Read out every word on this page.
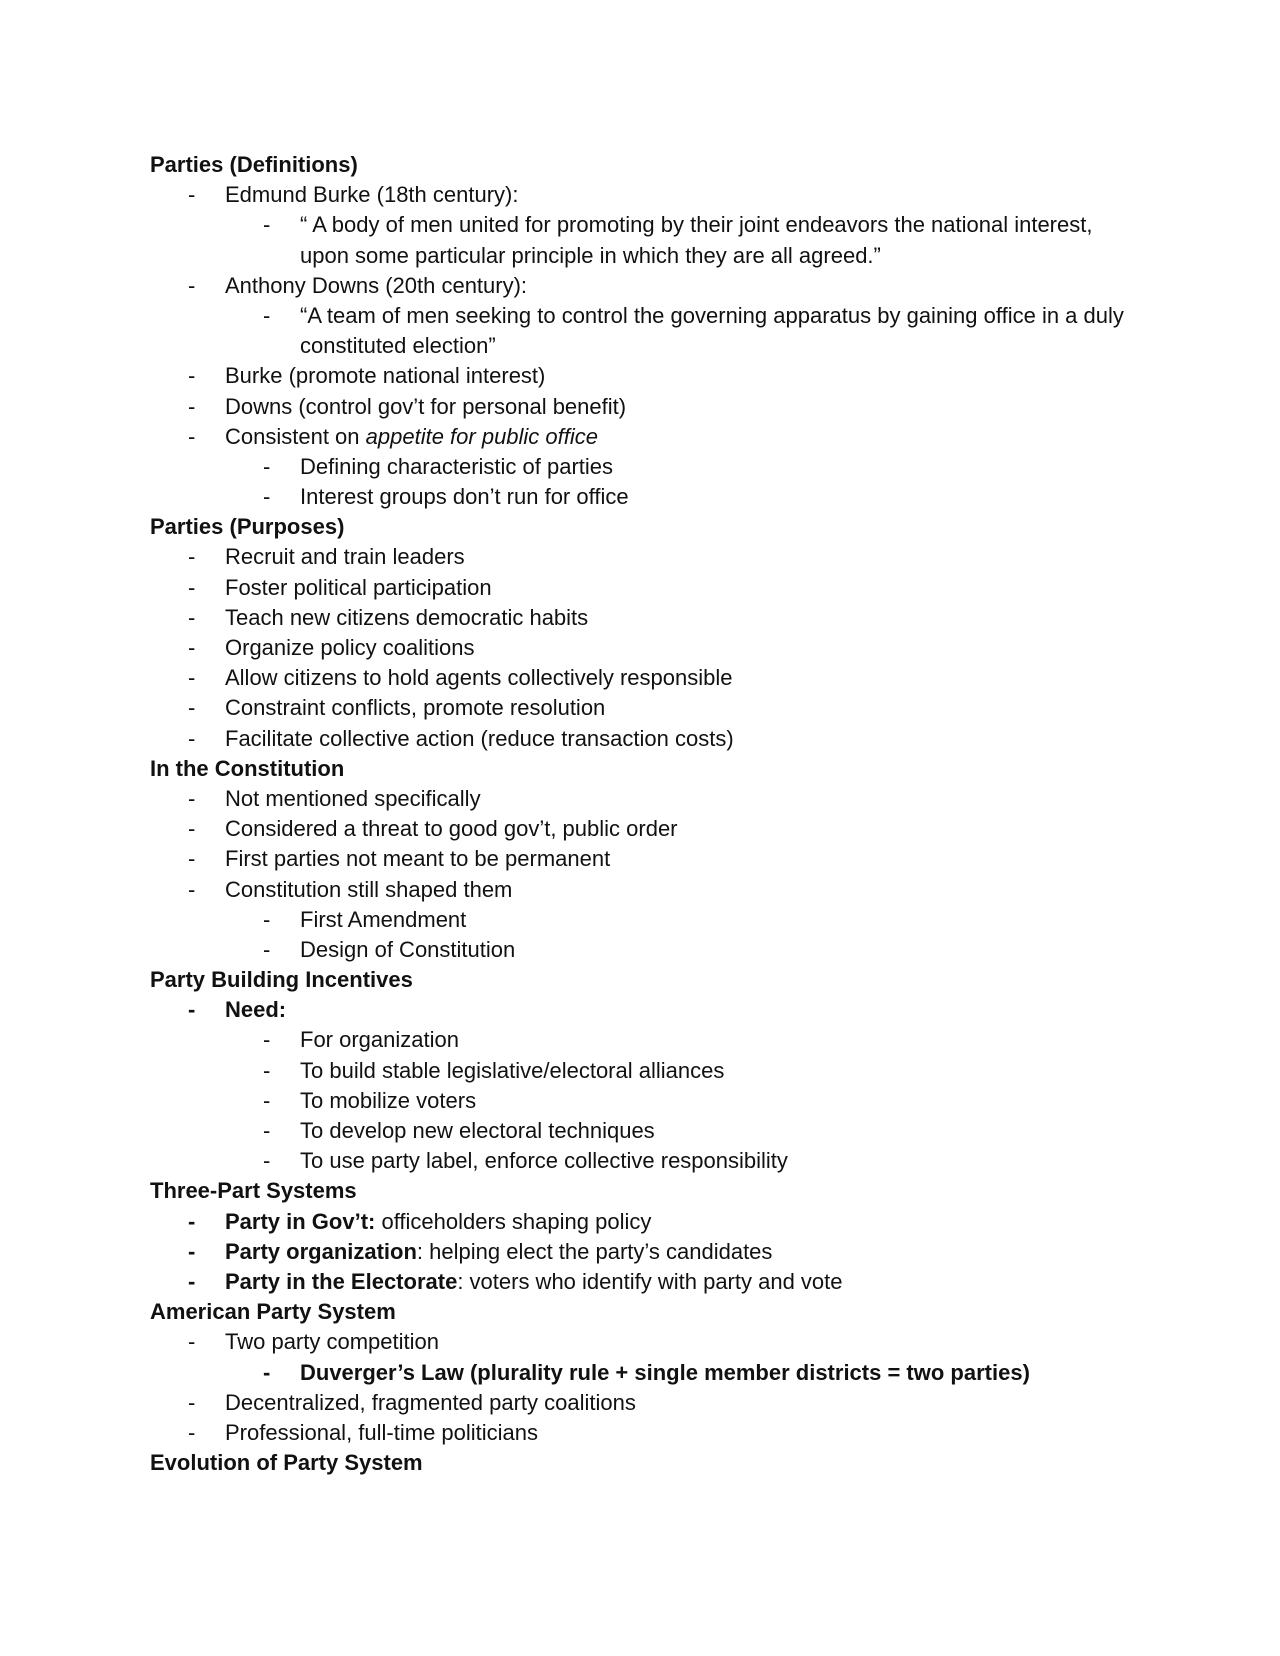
Parties (Definitions)
- Edmund Burke (18th century):
- “ A body of men united for promoting by their joint endeavors the national interest, upon some particular principle in which they are all agreed.”
- Anthony Downs (20th century):
- “A team of men seeking to control the governing apparatus by gaining office in a duly constituted election”
- Burke (promote national interest)
- Downs (control gov’t for personal benefit)
- Consistent on appetite for public office
- Defining characteristic of parties
- Interest groups don’t run for office
Parties (Purposes)
- Recruit and train leaders
- Foster political participation
- Teach new citizens democratic habits
- Organize policy coalitions
- Allow citizens to hold agents collectively responsible
- Constraint conflicts, promote resolution
- Facilitate collective action (reduce transaction costs)
In the Constitution
- Not mentioned specifically
- Considered a threat to good gov’t, public order
- First parties not meant to be permanent
- Constitution still shaped them
- First Amendment
- Design of Constitution
Party Building Incentives
- Need:
- For organization
- To build stable legislative/electoral alliances
- To mobilize voters
- To develop new electoral techniques
- To use party label, enforce collective responsibility
Three-Part Systems
- Party in Gov’t: officeholders shaping policy
- Party organization: helping elect the party’s candidates
- Party in the Electorate: voters who identify with party and vote
American Party System
- Two party competition
- Duverger’s Law (plurality rule + single member districts = two parties)
- Decentralized, fragmented party coalitions
- Professional, full-time politicians
Evolution of Party System
